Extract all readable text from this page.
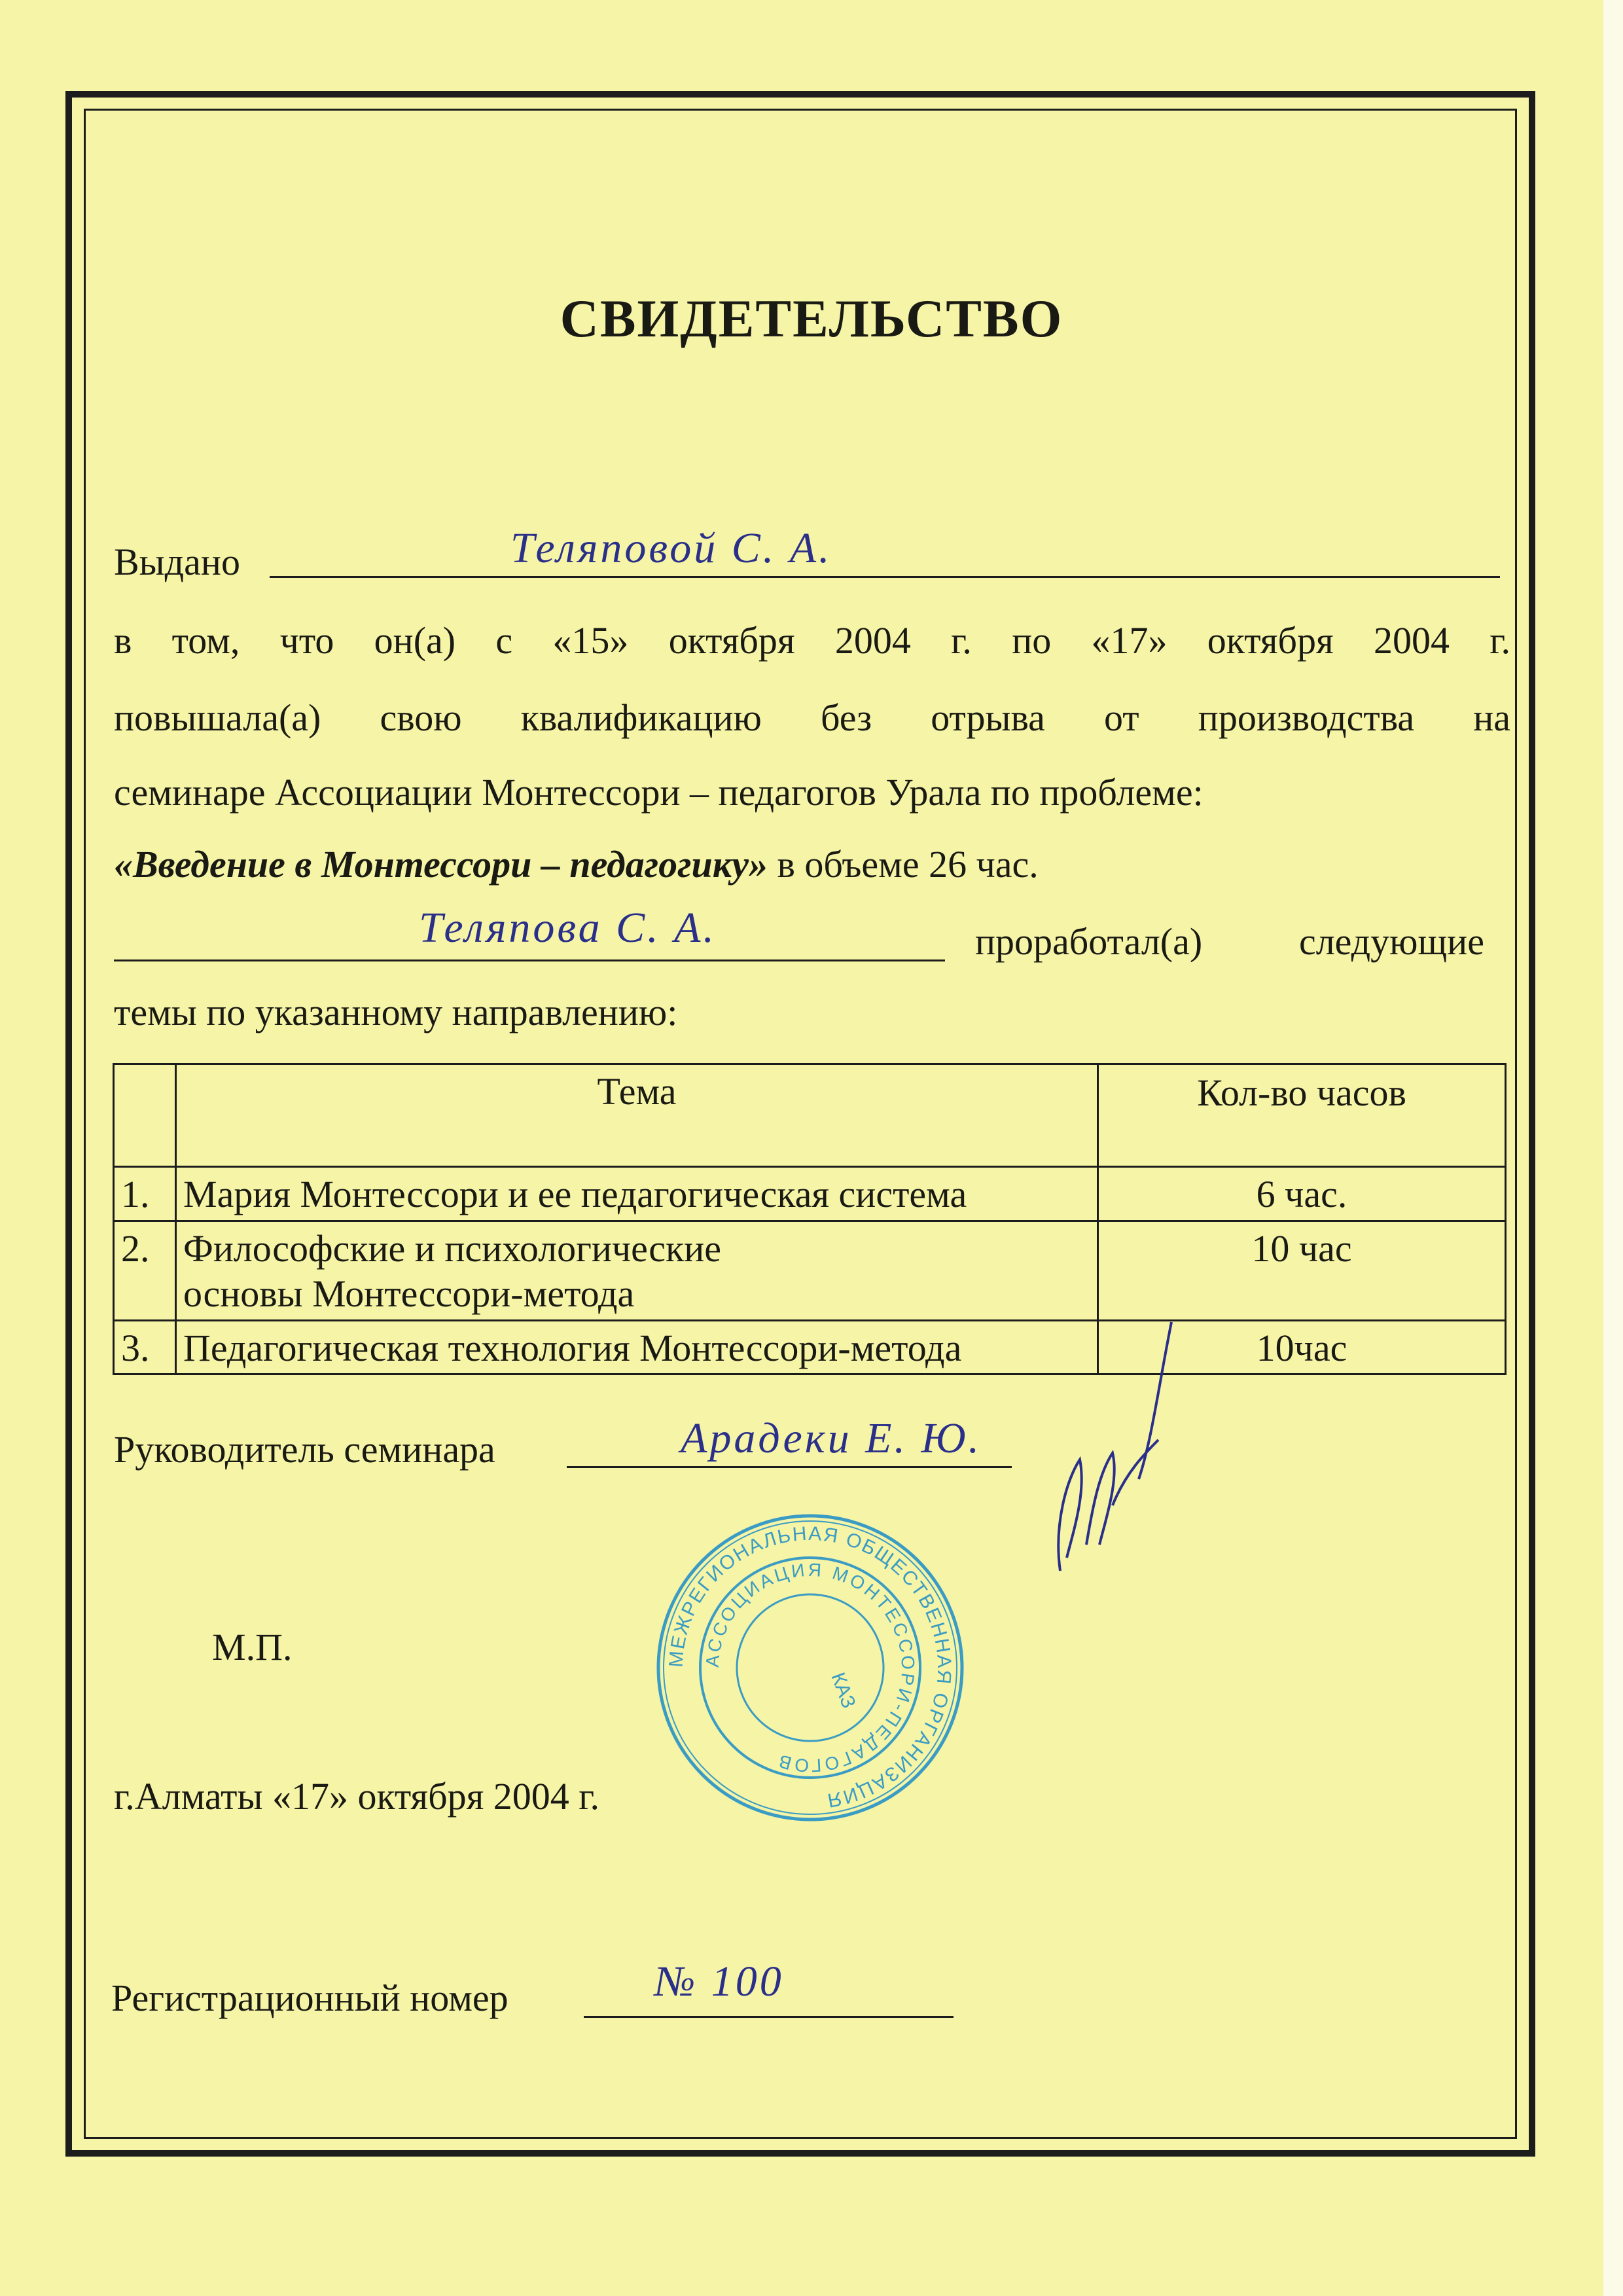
СВИДЕТЕЛЬСТВО
Выдано	Теляповой С. А.
в том, что он(а) с «15» октября 2004 г. по «17» октября 2004 г.
повышала(а) свою квалификацию без отрыва от производства на
семинаре Ассоциации Монтессори – педагогов Урала по проблеме:
«Введение в Монтессори – педагогику» в объеме 26 час.
Теляпова С. А.	проработал(а)	следующие
темы по указанному направлению:
	Тема	Кол-во часов
1.	Мария Монтессори и ее педагогическая система	6 час.
2.	Философские и психологические основы Монтессори-метода	10 час
3.	Педагогическая технология Монтессори-метода	10час
Руководитель семинара	Арадеки Е. Ю.
МЕЖРЕГИОНАЛЬНАЯ ОБЩЕСТВЕННАЯ ОРГАНИЗАЦИЯ
АССОЦИАЦИЯ МОНТЕССОРИ-ПЕДАГОГОВ
КАЗ
М.П.
г.Алматы «17» октября 2004 г.
Регистрационный номер	№ 100
